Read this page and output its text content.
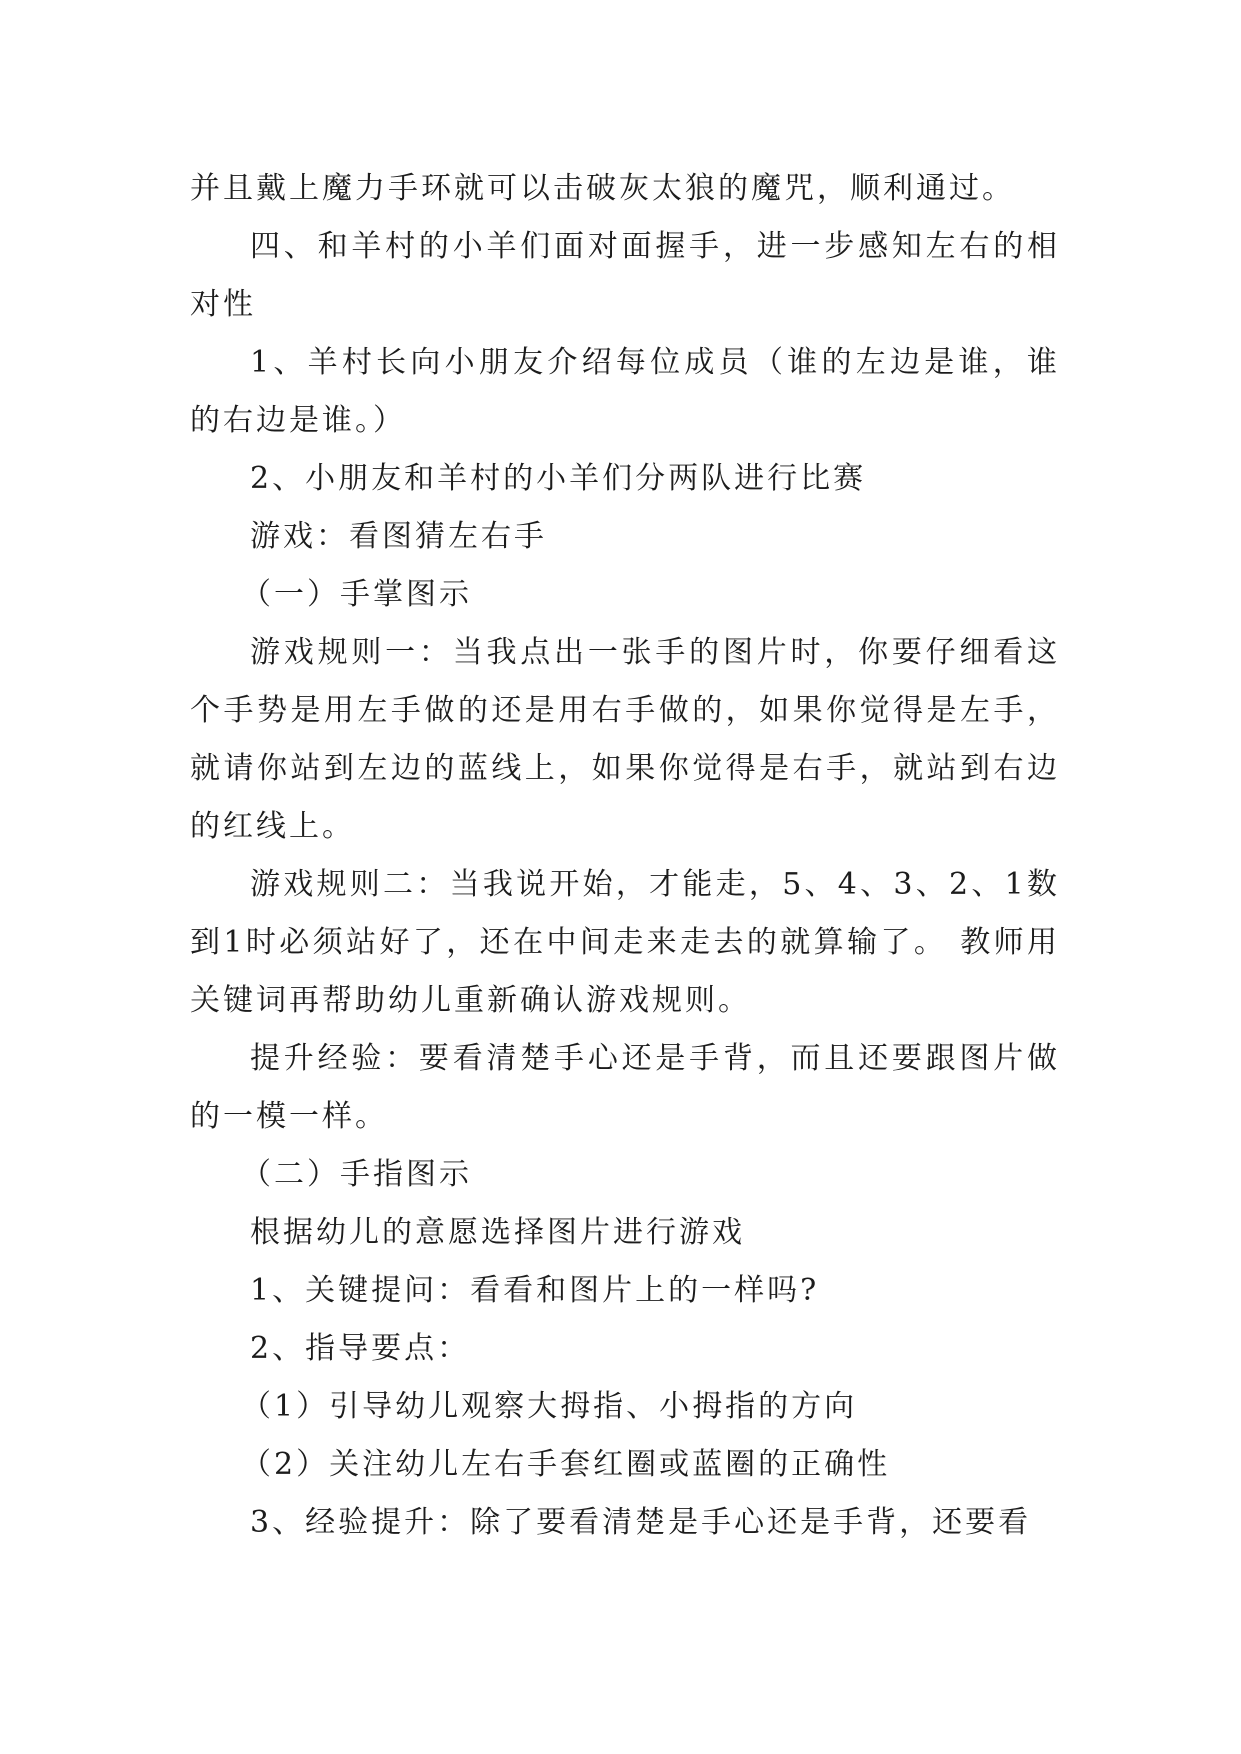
并且戴上魔力手环就可以击破灰太狼的魔咒，顺利通过。

四、和羊村的小羊们面对面握手，进一步感知左右的相对性

1、羊村长向小朋友介绍每位成员（谁的左边是谁，谁的右边是谁。）

2、小朋友和羊村的小羊们分两队进行比赛

游戏：看图猜左右手

（一）手掌图示

游戏规则一：当我点出一张手的图片时，你要仔细看这个手势是用左手做的还是用右手做的，如果你觉得是左手，就请你站到左边的蓝线上，如果你觉得是右手，就站到右边的红线上。

游戏规则二：当我说开始，才能走，5、4、3、2、1数到1时必须站好了，还在中间走来走去的就算输了。 教师用关键词再帮助幼儿重新确认游戏规则。

提升经验：要看清楚手心还是手背，而且还要跟图片做的一模一样。

（二）手指图示

根据幼儿的意愿选择图片进行游戏

1、关键提问：看看和图片上的一样吗?

2、指导要点：

（1）引导幼儿观察大拇指、小拇指的方向

（2）关注幼儿左右手套红圈或蓝圈的正确性

3、经验提升：除了要看清楚是手心还是手背，还要看
